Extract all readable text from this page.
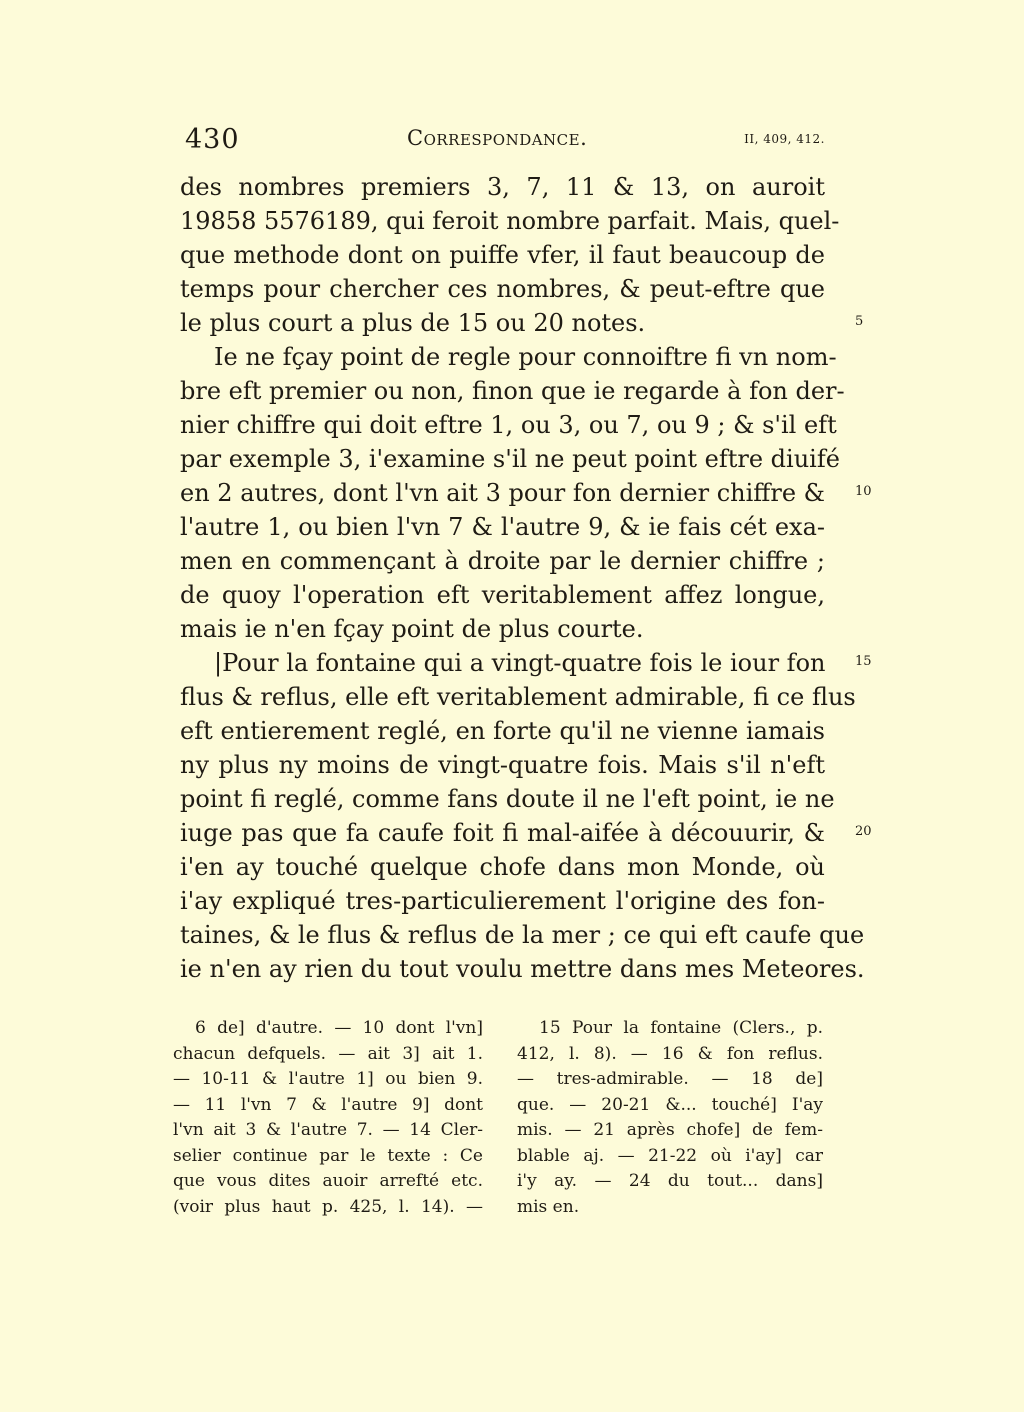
430	Correspondance.	II, 409, 412.
des nombres premiers 3, 7, 11 & 13, on auroit
19858 5576189, qui feroit nombre parfait. Mais, quel-
que methode dont on puiffe vfer, il faut beaucoup de
temps pour chercher ces nombres, & peut-eftre que
le plus court a plus de 15 ou 20 notes.
Ie ne fçay point de regle pour connoiftre fi vn nom-
bre eft premier ou non, finon que ie regarde à fon der-
nier chiffre qui doit eftre 1, ou 3, ou 7, ou 9 ; & s'il eft
par exemple 3, i'examine s'il ne peut point eftre diuifé
en 2 autres, dont l'vn ait 3 pour fon dernier chiffre &
l'autre 1, ou bien l'vn 7 & l'autre 9, & ie fais cét exa-
men en commençant à droite par le dernier chiffre ;
de quoy l'operation eft veritablement affez longue,
mais ie n'en fçay point de plus courte.
|Pour la fontaine qui a vingt-quatre fois le iour fon
flus & reflus, elle eft veritablement admirable, fi ce flus
eft entierement reglé, en forte qu'il ne vienne iamais
ny plus ny moins de vingt-quatre fois. Mais s'il n'eft
point fi reglé, comme fans doute il ne l'eft point, ie ne
iuge pas que fa caufe foit fi mal-aifée à découurir, &
i'en ay touché quelque chofe dans mon Monde, où
i'ay expliqué tres-particulierement l'origine des fon-
taines, & le flus & reflus de la mer ; ce qui eft caufe que
ie n'en ay rien du tout voulu mettre dans mes Meteores.
5
10
15
20
6 de] d'autre. — 10 dont l'vn]
chacun defquels. — ait 3] ait 1.
— 10-11 & l'autre 1] ou bien 9.
— 11 l'vn 7 & l'autre 9] dont
l'vn ait 3 & l'autre 7. — 14 Cler-
selier continue par le texte : Ce
que vous dites auoir arrefté etc.
(voir plus haut p. 425, l. 14). —
15 Pour la fontaine (Clers., p.
412, l. 8). — 16 & fon reflus.
— tres-admirable. — 18 de]
que. — 20-21 &... touché] I'ay
mis. — 21 après chofe] de fem-
blable aj. — 21-22 où i'ay] car
i'y ay. — 24 du tout... dans]
mis en.
